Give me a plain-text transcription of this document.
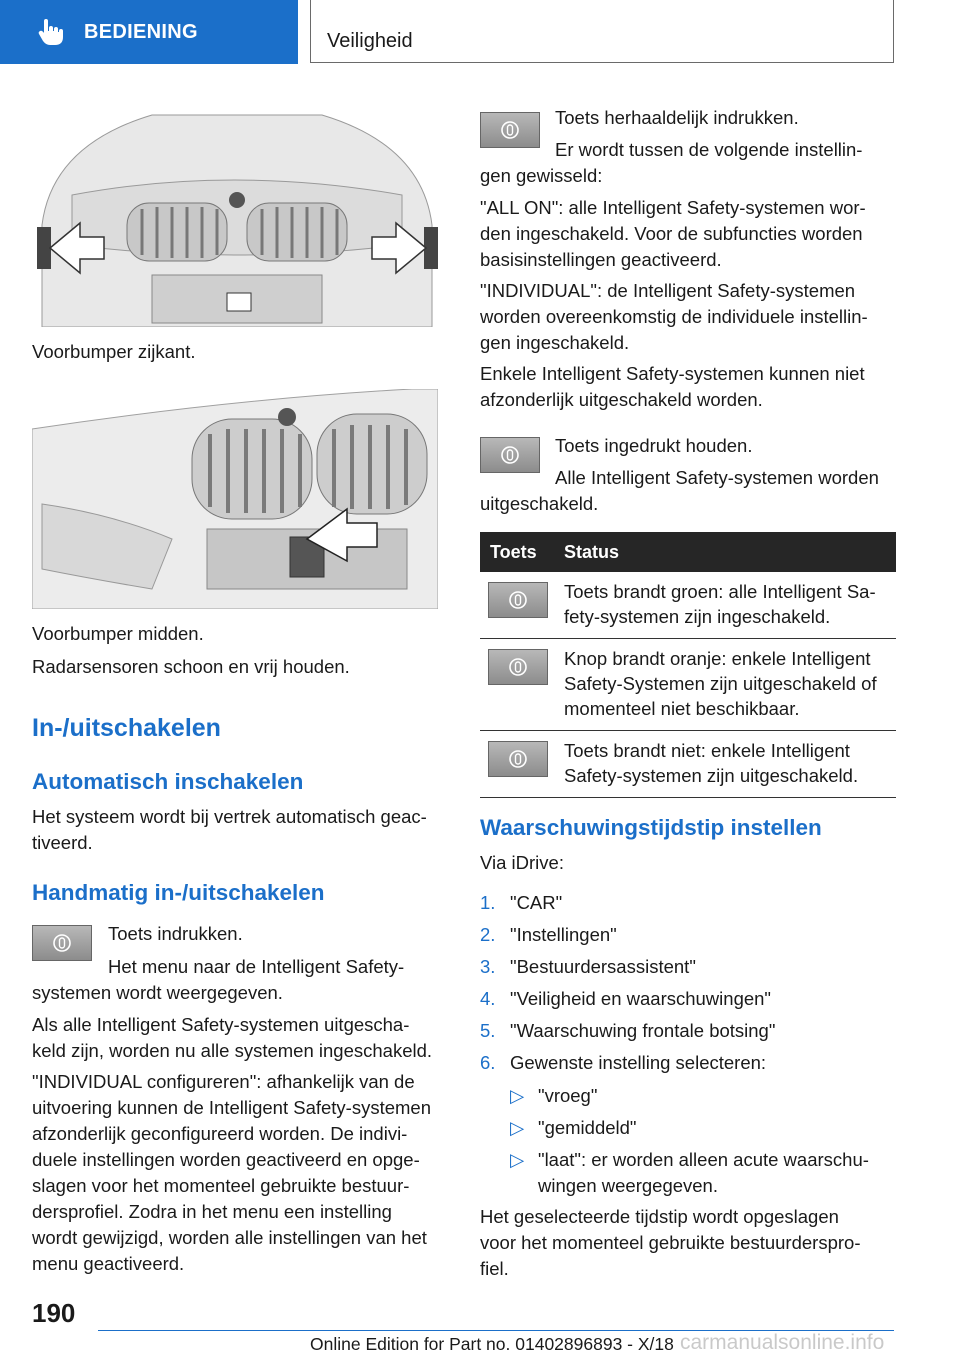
BEDIENING	Veiligheid
Voorbumper zijkant.
Voorbumper midden.
Radarsensoren schoon en vrij houden.
In-/uitschakelen
Automatisch inschakelen
Het systeem wordt bij vertrek automatisch geac-
tiveerd.
Handmatig in-/uitschakelen
Toets indrukken.
Het menu naar de Intelligent Safety-
systemen wordt weergegeven.
Als alle Intelligent Safety-systemen uitgescha-
keld zijn, worden nu alle systemen ingeschakeld.
"INDIVIDUAL configureren": afhankelijk van de
uitvoering kunnen de Intelligent Safety-systemen
afzonderlijk geconfigureerd worden. De indivi-
duele instellingen worden geactiveerd en opge-
slagen voor het momenteel gebruikte bestuur-
dersprofiel. Zodra in het menu een instelling
wordt gewijzigd, worden alle instellingen van het
menu geactiveerd.
Toets herhaaldelijk indrukken.
Er wordt tussen de volgende instellin-
gen gewisseld:
"ALL ON": alle Intelligent Safety-systemen wor-
den ingeschakeld. Voor de subfuncties worden
basisinstellingen geactiveerd.
"INDIVIDUAL": de Intelligent Safety-systemen
worden overeenkomstig de individuele instellin-
gen ingeschakeld.
Enkele Intelligent Safety-systemen kunnen niet
afzonderlijk uitgeschakeld worden.
Toets ingedrukt houden.
Alle Intelligent Safety-systemen worden
uitgeschakeld.
Toets	Status
Toets brandt groen: alle Intelligent Sa-
fety-systemen zijn ingeschakeld.
Knop brandt oranje: enkele Intelligent
Safety-Systemen zijn uitgeschakeld of
momenteel niet beschikbaar.
Toets brandt niet: enkele Intelligent
Safety-systemen zijn uitgeschakeld.
Waarschuwingstijdstip instellen
Via iDrive:
1. "CAR"
2. "Instellingen"
3. "Bestuurdersassistent"
4. "Veiligheid en waarschuwingen"
5. "Waarschuwing frontale botsing"
6. Gewenste instelling selecteren:
▷ "vroeg"
▷ "gemiddeld"
▷ "laat": er worden alleen acute waarschu-
wingen weergegeven.
Het geselecteerde tijdstip wordt opgeslagen
voor het momenteel gebruikte bestuurderspro-
fiel.
190
Online Edition for Part no. 01402896893 - X/18 carmanualsonline.info
